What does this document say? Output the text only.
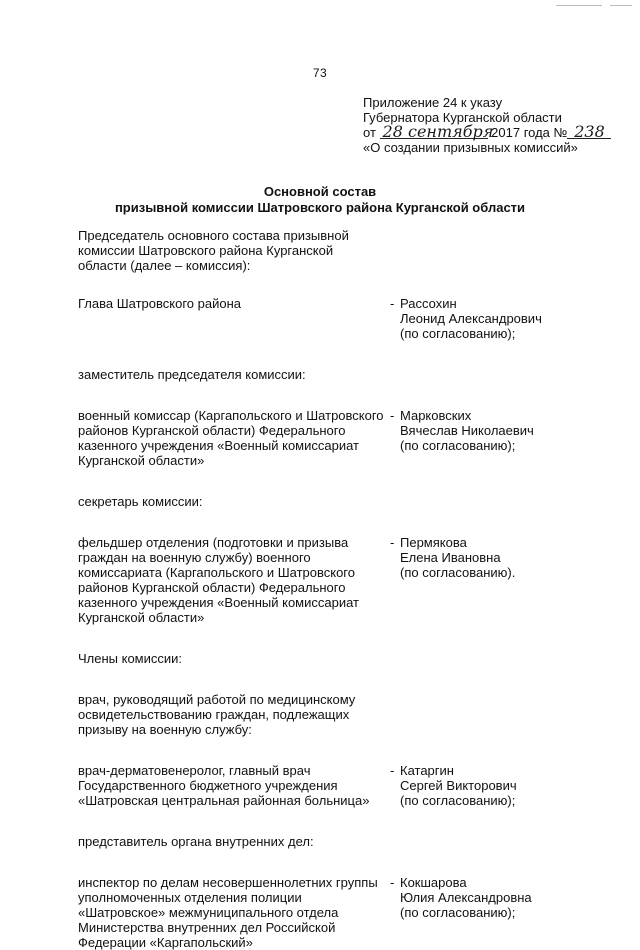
73
Приложение 24 к указу
Губернатора Курганской области
от 28 сентября 2017 года № 238
«О создании призывных комиссий»
Основной состав
призывной комиссии Шатровского района Курганской области
Председатель основного состава призывной
комиссии Шатровского района Курганской
области (далее – комиссия):
Глава Шатровского района	- Рассохин
Леонид Александрович
(по согласованию);
заместитель председателя комиссии:
военный комиссар (Каргапольского и Шатровского
районов Курганской области) Федерального
казенного учреждения «Военный комиссариат
Курганской области»
- Марковских
Вячеслав Николаевич
(по согласованию);
секретарь комиссии:
фельдшер отделения (подготовки и призыва
граждан на военную службу) военного
комиссариата (Каргапольского и Шатровского
районов Курганской области) Федерального
казенного учреждения «Военный комиссариат
Курганской области»
- Пермякова
Елена Ивановна
(по согласованию).
Члены комиссии:
врач, руководящий работой по медицинскому
освидетельствованию граждан, подлежащих
призыву на военную службу:
врач-дерматовенеролог, главный врач
Государственного бюджетного учреждения
«Шатровская центральная районная больница»
- Катаргин
Сергей Викторович
(по согласованию);
представитель органа внутренних дел:
инспектор по делам несовершеннолетних группы
уполномоченных отделения полиции
«Шатровское» межмуниципального отдела
Министерства внутренних дел Российской
Федерации «Каргапольский»
- Кокшарова
Юлия Александровна
(по согласованию);
